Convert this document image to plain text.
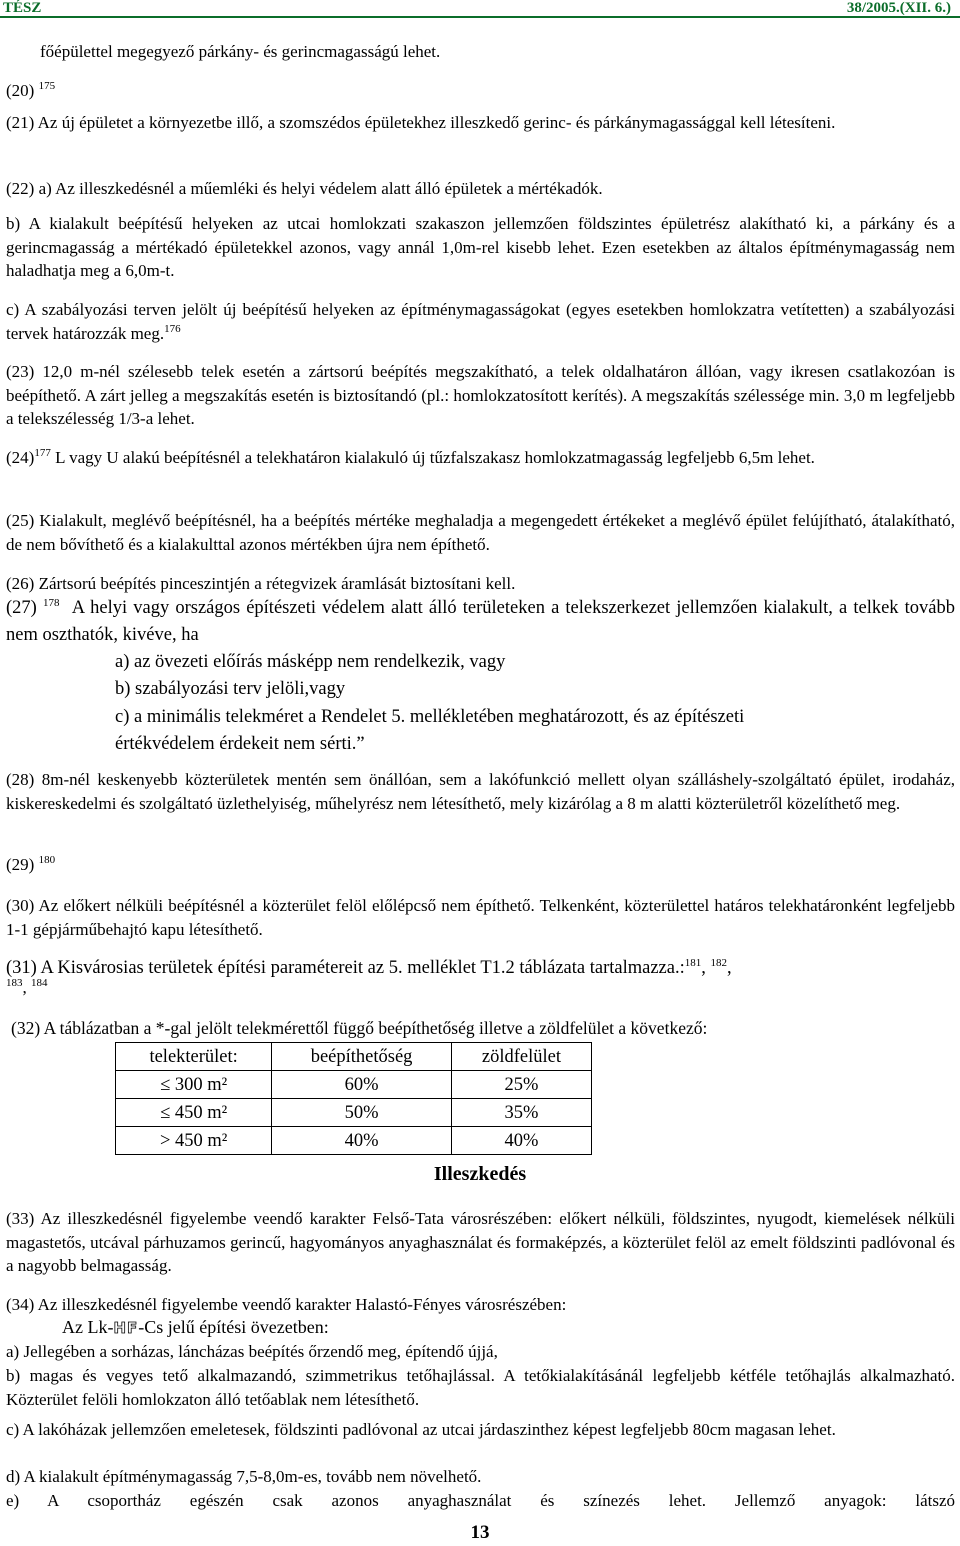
TÉSZ	38/2005.(XII. 6.)

főépülettel megegyező párkány- és gerincmagasságú lehet.

(20) $^{175}$

(21) Az új épületet a környezetbe illő, a szomszédos épületekhez illeszkedő gerinc- és párkánymagassággal kell létesíteni.

(22) a) Az illeszkedésnél a műemléki és helyi védelem alatt álló épületek a mértékadók.

b) A kialakult beépítésű helyeken az utcai homlokzati szakaszon jellemzően földszintes épületrész alakítható ki, a párkány és a gerincmagasság a mértékadó épületekkel azonos, vagy annál 1,0m-rel kisebb lehet. Ezen esetekben az általos építménymagasság nem haladhatja meg a 6,0m-t.

c) A szabályozási terven jelölt új beépítésű helyeken az építménymagasságokat (egyes esetekben homlokzatra vetítetten) a szabályozási tervek határozzák meg.$^{176}$

(23) 12,0 m-nél szélesebb telek esetén a zártsorú beépítés megszakítható, a telek oldalhatáron állóan, vagy ikresen csatlakozóan is beépíthető. A zárt jelleg a megszakítás esetén is biztosítandó (pl.: homlokzatosított kerítés). A megszakítás szélessége min. 3,0 m legfeljebb a telekszélesség 1/3-a lehet.

$(24)^{177}$ L vagy U alakú beépítésnél a telekhatáron kialakuló új tűzfalszakasz homlokzatmagasság legfeljebb 6,5m lehet.

(25) Kialakult, meglévő beépítésnél, ha a beépítés mértéke meghaladja a megengedett értékeket a meglévő épület felújítható, átalakítható, de nem bővíthető és a kialakulttal azonos mértékben újra nem építhető.

(26) Zártsorú beépítés pinceszintjén a rétegvizek áramlását biztosítani kell.

(27) $^{178}$ A helyi vagy országos építészeti védelem alatt álló területeken a telekszerkezet jellemzően kialakult, a telkek tovább nem oszthatók, kivéve, ha

a) az övezeti előírás másképp nem rendelkezik, vagy

b) szabályozási terv jelöli,vagy

c) a minimális telekméret a Rendelet 5. mellékletében meghatározott, és az építészeti

értékvédelem érdekeit nem sérti.”

(28) 8m-nél keskenyebb közterületek mentén sem önállóan, sem a lakófunkció mellett olyan szálláshely-szolgáltató épület, irodaház, kiskereskedelmi és szolgáltató üzlethelyiség, műhelyrész nem létesíthető, mely kizárólag a 8 m alatti közterületről közelíthető meg.

(29) $^{180}$

(30) Az előkert nélküli beépítésnél a közterület felöl előlépcső nem építhető. Telkenként, közterülettel határos telekhatáronként legfeljebb 1-1 gépjárműbehajtó kapu létesíthető.

(31) A Kisvárosias területek építési paramétereit az 5. melléklet T1.2 táblázata tartalmazza.:$^{181}$, $^{182}$,

$^{183}$, $^{184}$

(32) A táblázatban a *-gal jelölt telekmérettől függő beépíthetőség illetve a zöldfelület a következő:

telekterület:	beépíthetőség	zöldfelület
≤ 300 m²	60%	25%
≤ 450 m²	50%	35%
> 450 m²	40%	40%
Illeszkedés

(33) Az illeszkedésnél figyelembe veendő karakter Felső-Tata városrészében: előkert nélküli, földszintes, nyugodt, kiemelések nélküli magastetős, utcával párhuzamos gerincű, hagyományos anyaghasználat és formaképzés, a közterület felöl az emelt földszinti padlóvonal és a nagyobb belmagasság.

(34) Az illeszkedésnél figyelembe veendő karakter Halastó-Fényes városrészében:

Az Lk-HF-Cs jelű építési övezetben:

a) Jellegében a sorházas, láncházas beépítés őrzendő meg, építendő újjá,

b) magas és vegyes tető alkalmazandó, szimmetrikus tetőhajlással. A tetőkialakításánál legfeljebb kétféle tetőhajlás alkalmazható. Közterület felöli homlokzaton álló tetőablak nem létesíthető.

c) A lakóházak jellemzően emeletesek, földszinti padlóvonal az utcai járdaszinthez képest legfeljebb 80cm magasan lehet.

d) A kialakult építménymagasság 7,5-8,0m-es, tovább nem növelhető.

e) A csoportház egészén csak azonos anyaghasználat és színezés lehet. Jellemző anyagok: látszó

13
